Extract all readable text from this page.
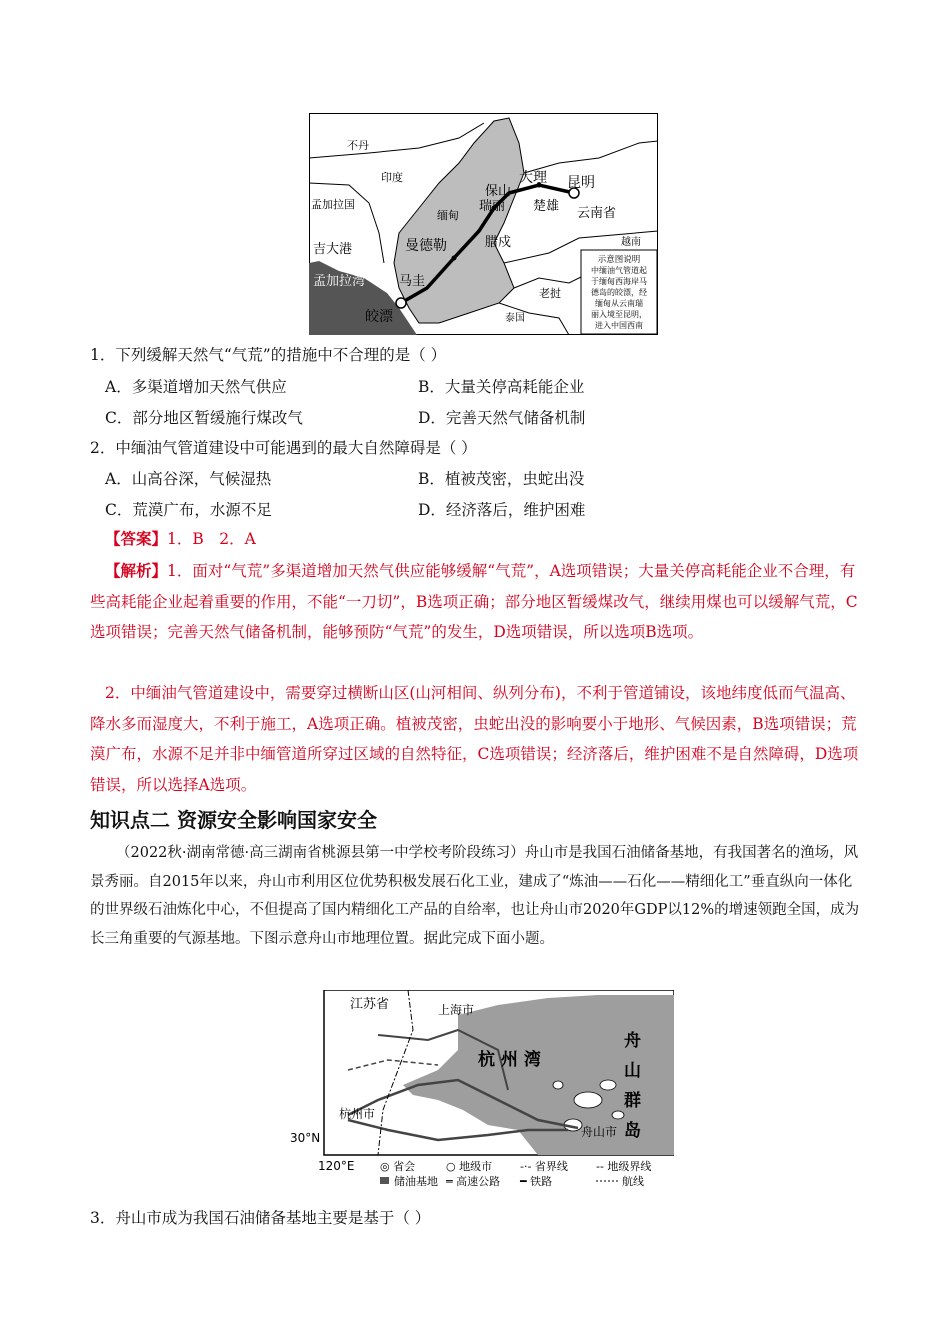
示意图说明
中缅油气管道起
于缅甸西海岸马
德岛的皎漂，经
缅甸从云南瑞
丽入境至昆明，
进入中国西南
不丹
印度
孟加拉国
缅甸
吉大港
孟加拉湾
曼德勒
马圭
皎漂
腊戍
瑞丽
保山
大理 昆明
楚雄 云南省
越南
老挝
泰国
1．下列缓解天然气“气荒”的措施中不合理的是（ ）
A．多渠道增加天然气供应	B．大量关停高耗能企业
C．部分地区暂缓施行煤改气	D．完善天然气储备机制
2．中缅油气管道建设中可能遇到的最大自然障碍是（ ）
A．山高谷深，气候湿热	B．植被茂密，虫蛇出没
C．荒漠广布，水源不足	D．经济落后，维护困难
【答案】1．B　2．A
【解析】1．面对“气荒”多渠道增加天然气供应能够缓解“气荒”，A选项错误；大量关停高耗能企业不合理，有些高耗能企业起着重要的作用，不能“一刀切”，B选项正确；部分地区暂缓煤改气，继续用煤也可以缓解气荒，C选项错误；完善天然气储备机制，能够预防“气荒”的发生，D选项错误，所以选项B选项。
2．中缅油气管道建设中，需要穿过横断山区(山河相间、纵列分布)，不利于管道铺设，该地纬度低而气温高、降水多而湿度大，不利于施工，A选项正确。植被茂密，虫蛇出没的影响要小于地形、气候因素，B选项错误；荒漠广布，水源不足并非中缅管道所穿过区域的自然特征，C选项错误；经济落后，维护困难不是自然障碍，D选项错误，所以选择A选项。
知识点二 资源安全影响国家安全
（2022秋·湖南常德·高三湖南省桃源县第一中学校考阶段练习）舟山市是我国石油储备基地，有我国著名的渔场，风景秀丽。自2015年以来，舟山市利用区位优势积极发展石化工业，建成了“炼油——石化——精细化工”垂直纵向一体化的世界级石油炼化中心，不但提高了国内精细化工产品的自给率，也让舟山市2020年GDP以12%的增速领跑全国，成为长三角重要的气源基地。下图示意舟山市地理位置。据此完成下面小题。
江苏省	上海市
杭 州 湾
杭州市
舟山市
舟
山
群
岛
30°N
120°E ◎ 省会	○ 地级市	-·- 省界线	-- 地级界线
储油基地 ═ 高速公路 ━ 铁路	航线
3．舟山市成为我国石油储备基地主要是基于（ ）
